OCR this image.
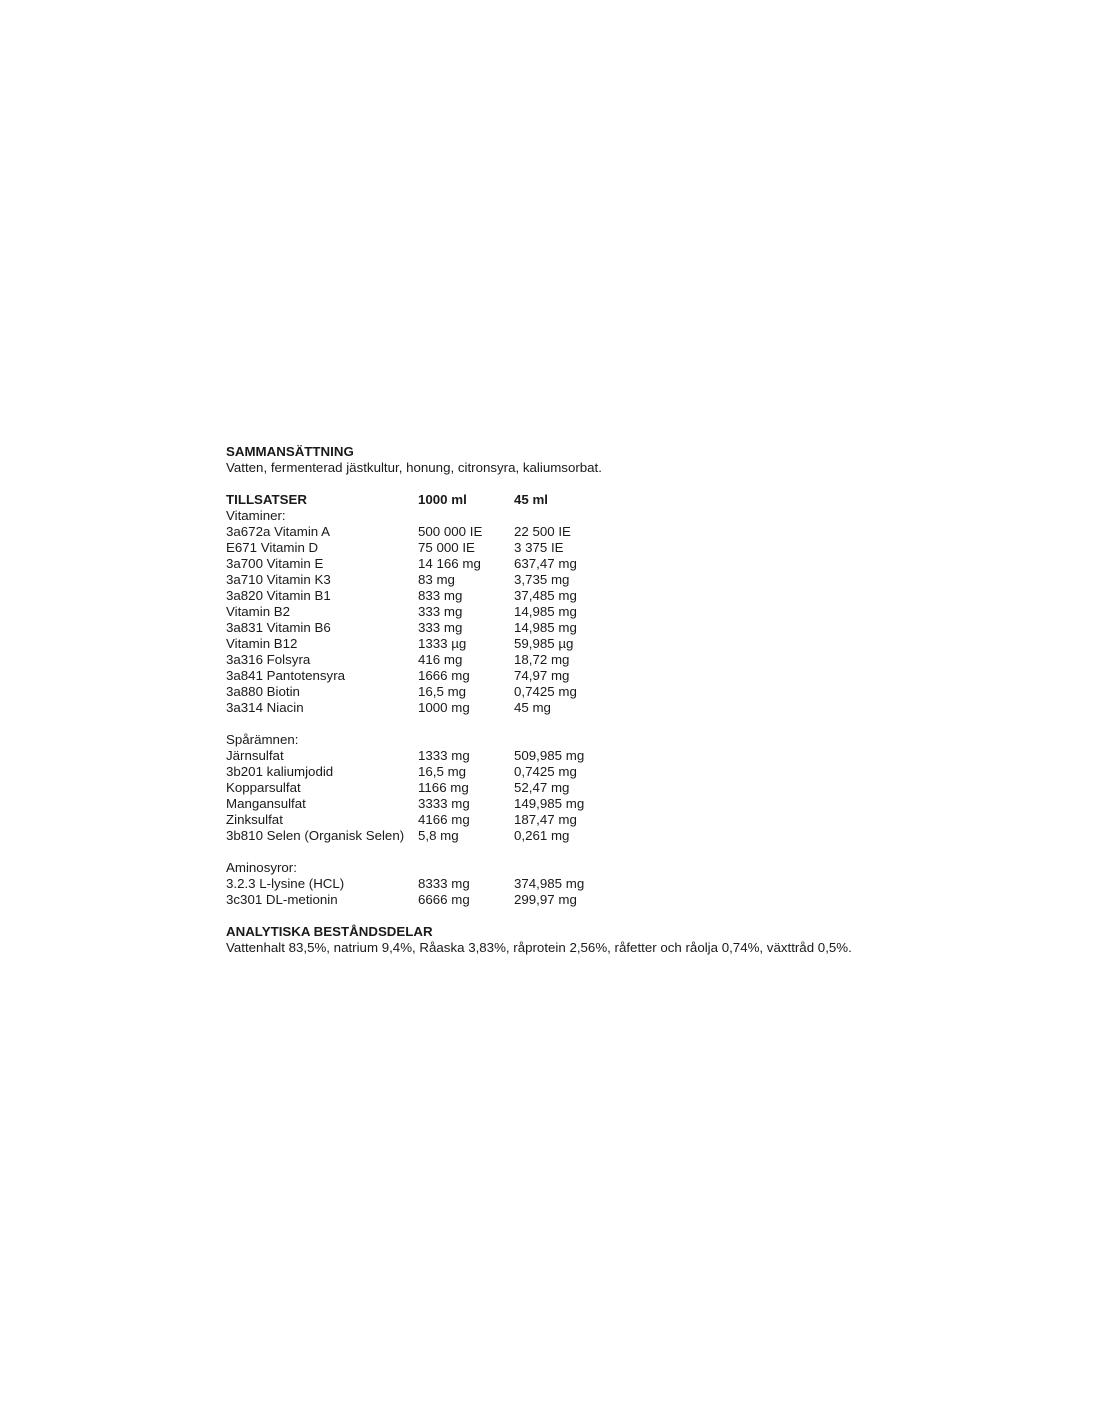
SAMMANSÄTTNING
Vatten, fermenterad jästkultur, honung, citronsyra, kaliumsorbat.
TILLSATSER	1000 ml	45 ml
Vitaminer:
3a672a Vitamin A	500 000 IE	22 500 IE
E671 Vitamin D	75 000 IE	3 375 IE
3a700 Vitamin E	14 166 mg	637,47 mg
3a710 Vitamin K3	83 mg	3,735 mg
3a820 Vitamin B1	833 mg	37,485 mg
Vitamin B2	333 mg	14,985 mg
3a831 Vitamin B6	333 mg	14,985 mg
Vitamin B12	1333 µg	59,985 µg
3a316 Folsyra	416 mg	18,72 mg
3a841 Pantotensyra	1666 mg	74,97 mg
3a880 Biotin	16,5 mg	0,7425 mg
3a314 Niacin	1000 mg	45 mg
Spårämnen:
Järnsulfat	1333 mg	509,985 mg
3b201 kaliumjodid	16,5 mg	0,7425 mg
Kopparsulfat	1166 mg	52,47 mg
Mangansulfat	3333 mg	149,985 mg
Zinksulfat	4166 mg	187,47 mg
3b810 Selen (Organisk Selen)	5,8 mg	0,261 mg
Aminosyror:
3.2.3 L-lysine (HCL)	8333 mg	374,985 mg
3c301 DL-metionin	6666 mg	299,97 mg
ANALYTISKA BESTÅNDSDELAR
Vattenhalt 83,5%, natrium 9,4%, Råaska 3,83%, råprotein 2,56%, råfetter och råolja 0,74%, växttråd 0,5%.
